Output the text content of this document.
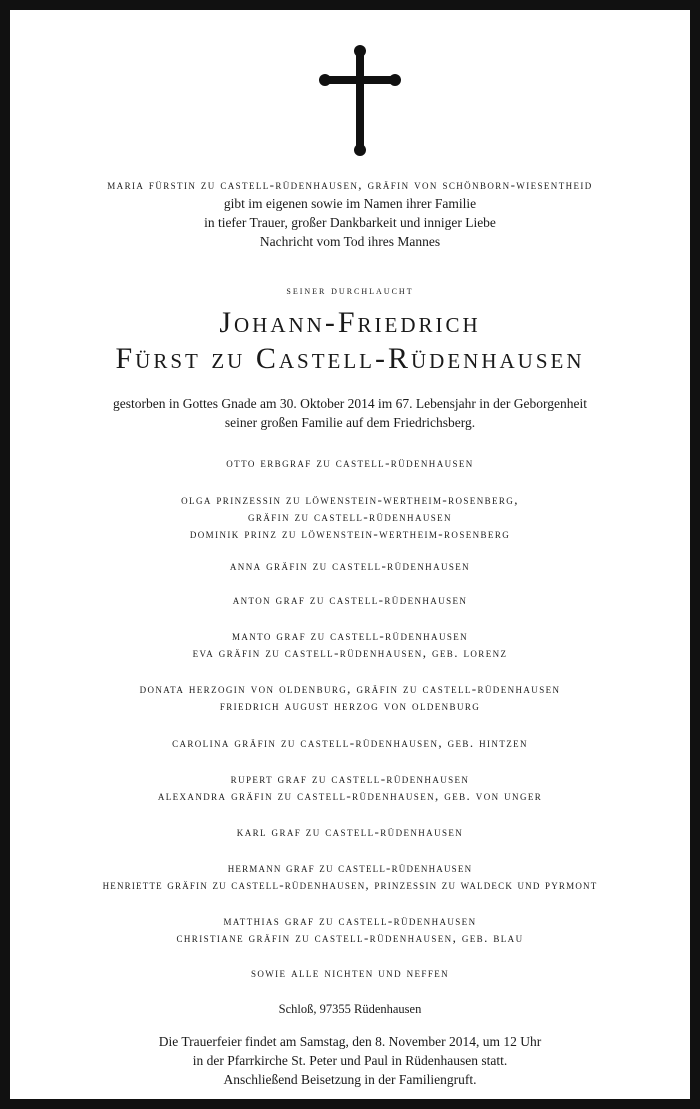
maria fürstin zu castell-rüdenhausen, gräfin von schönborn-wiesentheid
gibt im eigenen sowie im Namen ihrer Familie
in tiefer Trauer, großer Dankbarkeit und inniger Liebe
Nachricht vom Tod ihres Mannes
seiner durchlaucht
Johann-Friedrich
Fürst zu Castell-Rüdenhausen
gestorben in Gottes Gnade am 30. Oktober 2014 im 67. Lebensjahr in der Geborgenheit
seiner großen Familie auf dem Friedrichsberg.
otto erbgraf zu castell-rüdenhausen
olga prinzessin zu löwenstein-wertheim-rosenberg,
gräfin zu castell-rüdenhausen
dominik prinz zu löwenstein-wertheim-rosenberg
anna gräfin zu castell-rüdenhausen
anton graf zu castell-rüdenhausen
manto graf zu castell-rüdenhausen
eva gräfin zu castell-rüdenhausen, geb. lorenz
donata herzogin von oldenburg, gräfin zu castell-rüdenhausen
friedrich august herzog von oldenburg
carolina gräfin zu castell-rüdenhausen, geb. hintzen
rupert graf zu castell-rüdenhausen
alexandra gräfin zu castell-rüdenhausen, geb. von unger
karl graf zu castell-rüdenhausen
hermann graf zu castell-rüdenhausen
henriette gräfin zu castell-rüdenhausen, prinzessin zu waldeck und pyrmont
matthias graf zu castell-rüdenhausen
christiane gräfin zu castell-rüdenhausen, geb. blau
sowie alle nichten und neffen
Schloß, 97355 Rüdenhausen
Die Trauerfeier findet am Samstag, den 8. November 2014, um 12 Uhr
in der Pfarrkirche St. Peter und Paul in Rüdenhausen statt.
Anschließend Beisetzung in der Familiengruft.
